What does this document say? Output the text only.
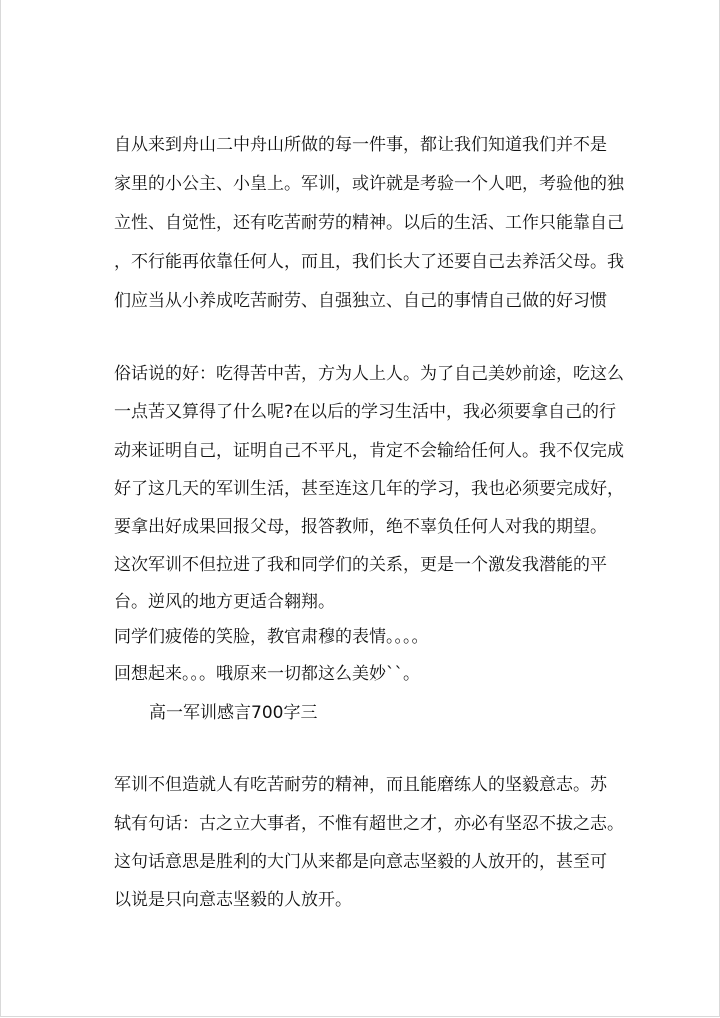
自从来到舟山二中舟山所做的每一件事，都让我们知道我们并不是
家里的小公主、小皇上。军训，或许就是考验一个人吧，考验他的独
立性、自觉性，还有吃苦耐劳的精神。以后的生活、工作只能靠自己
，不行能再依靠任何人，而且，我们长大了还要自己去养活父母。我
们应当从小养成吃苦耐劳、自强独立、自己的事情自己做的好习惯
俗话说的好：吃得苦中苦，方为人上人。为了自己美妙前途，吃这么
一点苦又算得了什么呢?在以后的学习生活中，我必须要拿自己的行
动来证明自己，证明自己不平凡，肯定不会输给任何人。我不仅完成
好了这几天的军训生活，甚至连这几年的学习，我也必须要完成好，
要拿出好成果回报父母，报答教师，绝不辜负任何人对我的期望。
这次军训不但拉进了我和同学们的关系，更是一个激发我潜能的平
台。逆风的地方更适合翱翔。
同学们疲倦的笑脸，教官肃穆的表情。。。。
回想起来。。。哦原来一切都这么美妙``。
高一军训感言700字三
军训不但造就人有吃苦耐劳的精神，而且能磨练人的坚毅意志。苏
轼有句话：古之立大事者，不惟有超世之才，亦必有坚忍不拔之志。
这句话意思是胜利的大门从来都是向意志坚毅的人放开的，甚至可
以说是只向意志坚毅的人放开。
